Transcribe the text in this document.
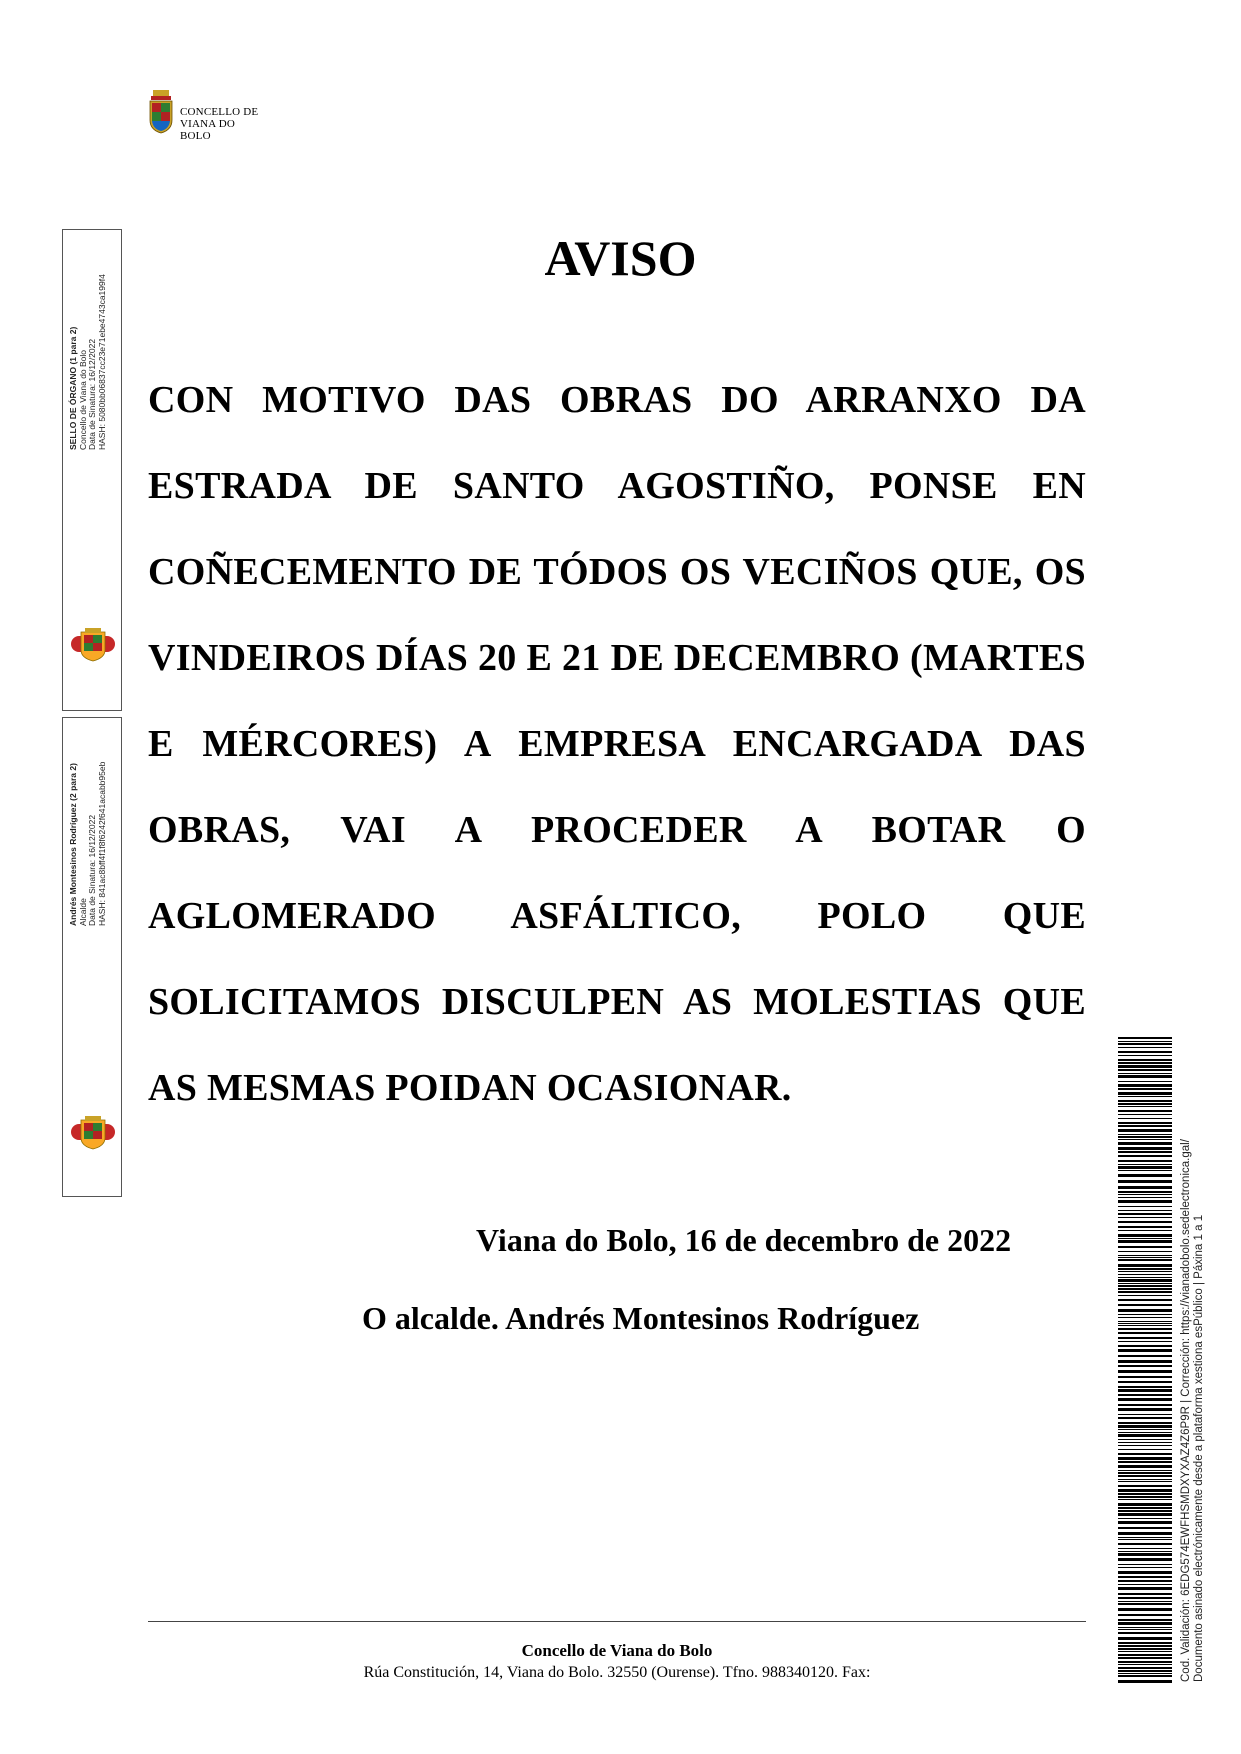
CONCELLO DE
VIANA DO BOLO
SELLO DE ÓRGANO (1 para 2) Concello de Viana do Bolo Data de Sinatura: 16/12/2022 HASH: 5080bb06837cc23e71ebe4743ca199f4
Andrés Montesinos Rodríguez (2 para 2) Alcalde Data de Sinatura: 16/12/2022 HASH: 841ac8bff4f1f8f6242f641acabb95eb
AVISO

CON MOTIVO DAS OBRAS DO ARRANXO DA ESTRADA DE SANTO AGOSTIÑO, PONSE EN COÑECEMENTO DE TÓDOS OS VECIÑOS QUE, OS VINDEIROS DÍAS 20 E 21 DE DECEMBRO (MARTES E MÉRCORES) A EMPRESA ENCARGADA DAS OBRAS, VAI A PROCEDER A BOTAR O AGLOMERADO ASFÁLTICO, POLO QUE SOLICITAMOS DISCULPEN AS MOLESTIAS QUE AS MESMAS POIDAN OCASIONAR.

Viana do Bolo, 16 de decembro de 2022
O alcalde. Andrés Montesinos Rodríguez
Concello de Viana do Bolo
Rúa Constitución, 14, Viana do Bolo. 32550 (Ourense). Tfno. 988340120. Fax:	Cod. Validación: 6EDG574EWFHSMDXYXAZ4Z6P9R | Corrección: https://vianadobolo.sedelectronica.gal/ Documento asinado electrónicamente desde a plataforma xestiona esPúblico | Páxina 1 a 1
